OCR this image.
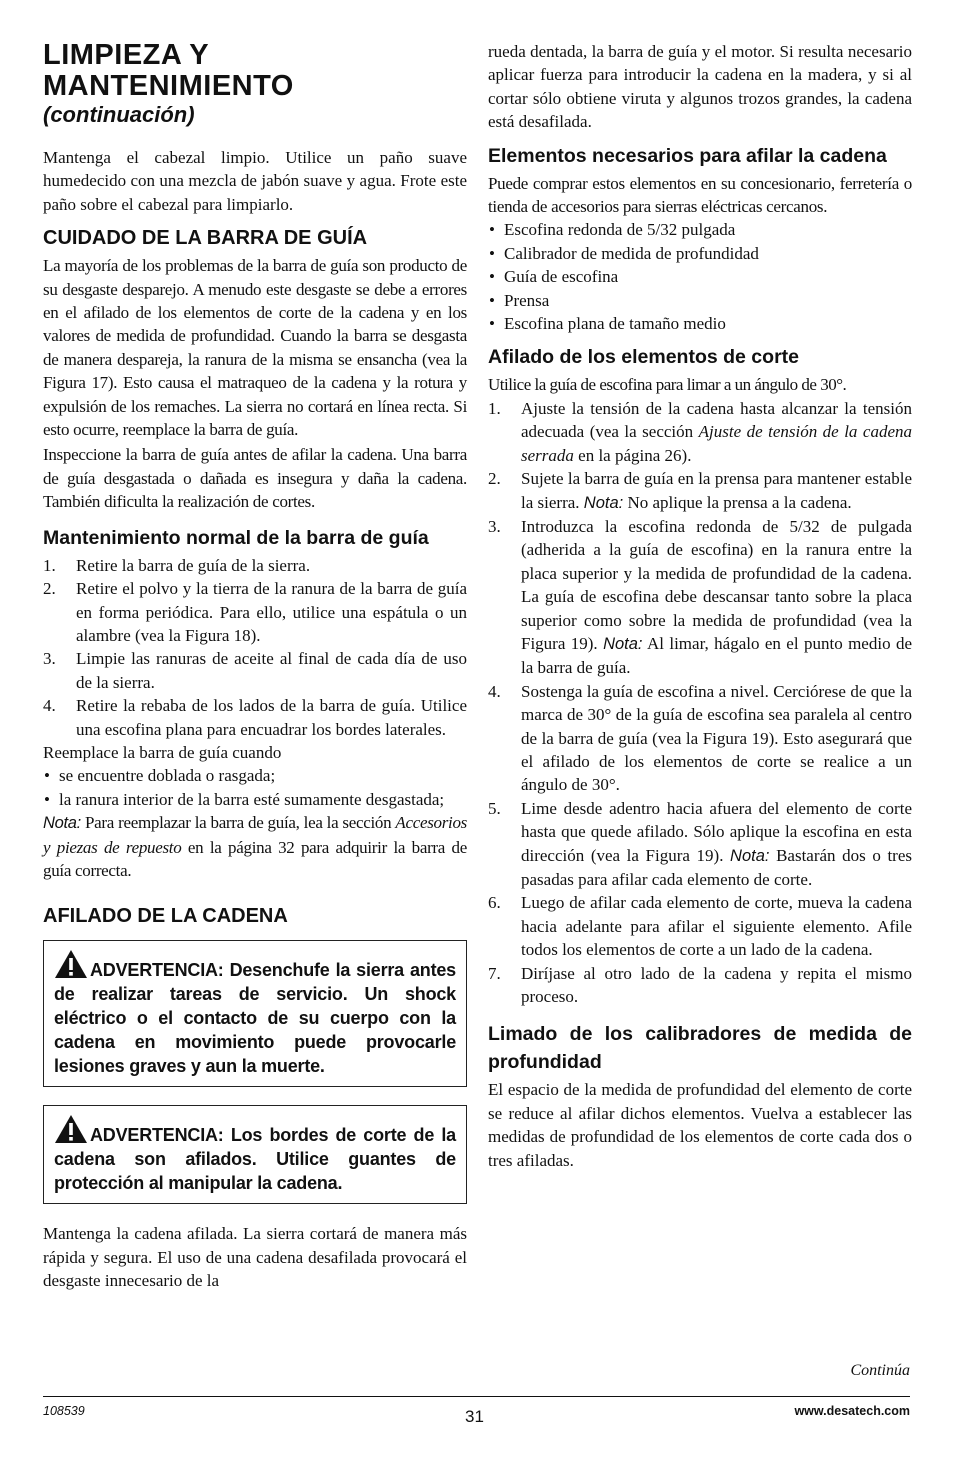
LIMPIEZA Y
MANTENIMIENTO
(continuación)

Mantenga el cabezal limpio. Utilice un paño suave humedecido con una mezcla de jabón suave y agua. Frote este paño sobre el cabezal para limpiarlo.

CUIDADO DE LA BARRA DE GUÍA

La mayoría de los problemas de la barra de guía son producto de su desgaste desparejo. A menudo este desgaste se debe a errores en el afilado de los elementos de corte de la cadena y en los valores de medida de profundidad. Cuando la barra se desgasta de manera despareja, la ranura de la misma se ensancha (vea la Figura 17). Esto causa el matraqueo de la cadena y la rotura y expulsión de los remaches. La sierra no cortará en línea recta. Si esto ocurre, reemplace la barra de guía.

Inspeccione la barra de guía antes de afilar la cadena. Una barra de guía desgastada o dañada es insegura y daña la cadena. También dificulta la realización de cortes.

Mantenimiento normal de la barra de guía
1. Retire la barra de guía de la sierra.
2. Retire el polvo y la tierra de la ranura de la barra de guía en forma periódica. Para ello, utilice una espátula o un alambre (vea la Figura 18).
3. Limpie las ranuras de aceite al final de cada día de uso de la sierra.
4. Retire la rebaba de los lados de la barra de guía. Utilice una escofina plana para encuadrar los bordes laterales.

Reemplace la barra de guía cuando

• se encuentre doblada o rasgada;
• la ranura interior de la barra esté sumamente desgastada;

Nota: Para reemplazar la barra de guía, lea la sección Accesorios y piezas de repuesto en la página 32 para adquirir la barra de guía correcta.

AFILADO DE LA CADENA
ADVERTENCIA: Desenchufe la sierra antes de realizar tareas de servicio. Un shock eléctrico o el contacto de su cuerpo con la cadena en movimiento puede provocarle lesiones graves y aun la muerte.
ADVERTENCIA: Los bordes de corte de la cadena son afilados. Utilice guantes de protección al manipular la cadena.

Mantenga la cadena afilada. La sierra cortará de manera más rápida y segura. El uso de una cadena desafilada provocará el desgaste innecesario de la

rueda dentada, la barra de guía y el motor. Si resulta necesario aplicar fuerza para introducir la cadena en la madera, y si al cortar sólo obtiene viruta y algunos trozos grandes, la cadena está desafilada.

Elementos necesarios para afilar la cadena

Puede comprar estos elementos en su concesionario, ferretería o tienda de accesorios para sierras eléctricas cercanos.

• Escofina redonda de 5/32 pulgada
• Calibrador de medida de profundidad
• Guía de escofina
• Prensa
• Escofina plana de tamaño medio
Afilado de los elementos de corte

Utilice la guía de escofina para limar a un ángulo de 30°.

1. Ajuste la tensión de la cadena hasta alcanzar la tensión adecuada (vea la sección Ajuste de tensión de la cadena serrada en la página 26).
2. Sujete la barra de guía en la prensa para mantener estable la sierra. Nota: No aplique la prensa a la cadena.
3. Introduzca la escofina redonda de 5/32 de pulgada (adherida a la guía de escofina) en la ranura entre la placa superior y la medida de profundidad de la cadena. La guía de escofina debe descansar tanto sobre la placa superior como sobre la medida de profundidad (vea la Figura 19). Nota: Al limar, hágalo en el punto medio de la barra de guía.
4. Sostenga la guía de escofina a nivel. Cerciórese de que la marca de 30° de la guía de escofina sea paralela al centro de la barra de guía (vea la Figura 19). Esto asegurará que el afilado de los elementos de corte se realice a un ángulo de 30°.
5. Lime desde adentro hacia afuera del elemento de corte hasta que quede afilado. Sólo aplique la escofina en esta dirección (vea la Figura 19). Nota: Bastarán dos o tres pasadas para afilar cada elemento de corte.
6. Luego de afilar cada elemento de corte, mueva la cadena hacia adelante para afilar el siguiente elemento. Afile todos los elementos de corte a un lado de la cadena.
7. Diríjase al otro lado de la cadena y repita el mismo proceso.
Limado de los calibradores de medida de profundidad

El espacio de la medida de profundidad del elemento de corte se reduce al afilar dichos elementos. Vuelva a establecer las medidas de profundidad de los elementos de corte cada dos o tres afiladas.

Continúa
108539	31	www.desatech.com
